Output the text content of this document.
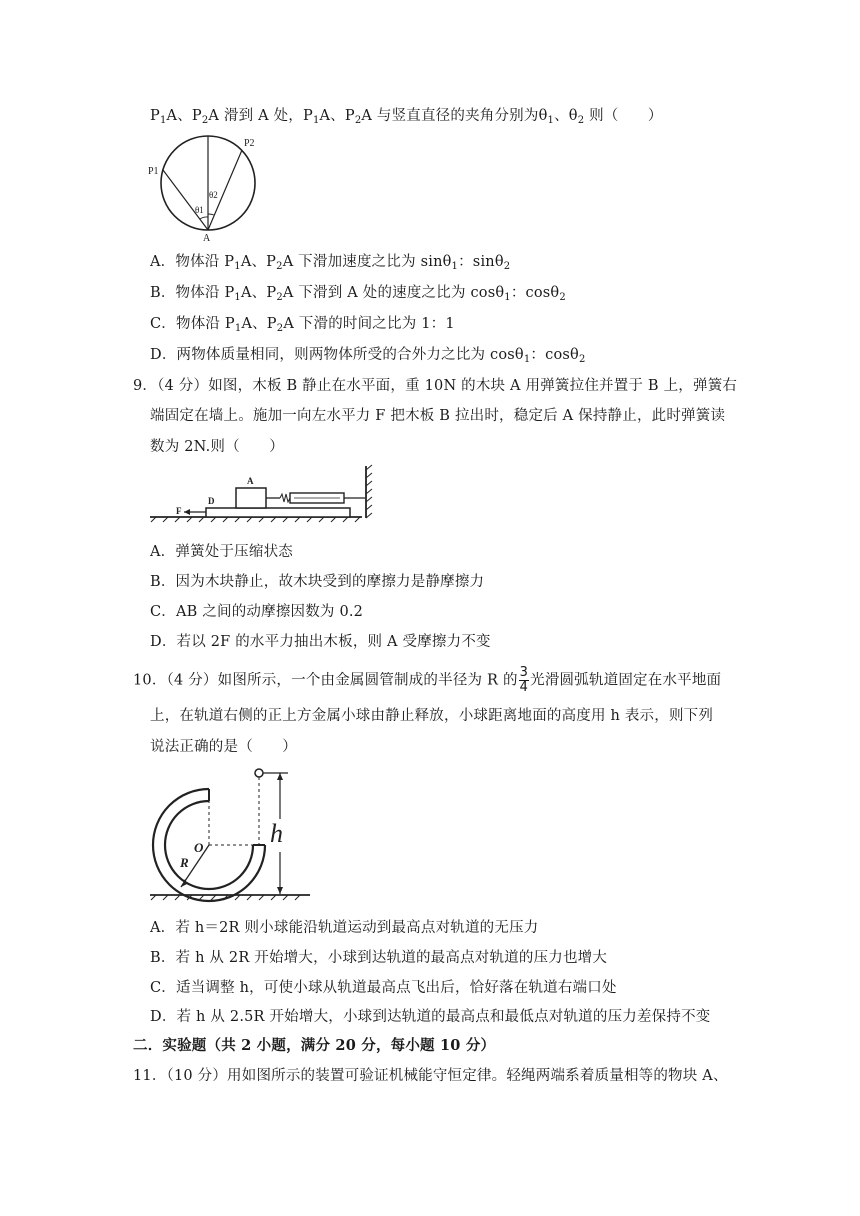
$P_1A$、$P_2A$ 滑到 A 处，$P_1A$、$P_2A$ 与竖直直径的夹角分别为$\theta_1$、$\theta_2$ 则（　　）
P1
P2
A
θ1
θ2
A．物体沿 $P_1A$、$P_2A$ 下滑加速度之比为 sinθ$_1$：sinθ$_2$
B．物体沿 $P_1A$、$P_2A$ 下滑到 A 处的速度之比为 cosθ$_1$：cosθ$_2$
C．物体沿 $P_1A$、$P_2A$ 下滑的时间之比为 1：1
D．两物体质量相同，则两物体所受的合外力之比为 cosθ$_1$：cosθ$_2$
9．（4 分）如图，木板 B 静止在水平面，重 10N 的木块 A 用弹簧拉住并置于 B 上，弹簧右
端固定在墙上。施加一向左水平力 F 把木板 B 拉出时，稳定后 A 保持静止，此时弹簧读
数为 2N.则（　　）
F
D
A
A．弹簧处于压缩状态
B．因为木块静止，故木块受到的摩擦力是静摩擦力
C．AB 之间的动摩擦因数为 0.2
D．若以 2F 的水平力抽出木板，则 A 受摩擦力不变
10．（4 分）如图所示，一个由金属圆管制成的半径为 R 的 $\frac{3}{4}$ 光滑圆弧轨道固定在水平地面
上，在轨道右侧的正上方金属小球由静止释放，小球距离地面的高度用 h 表示，则下列
说法正确的是（　　）
O
R
h
A．若 h＝2R 则小球能沿轨道运动到最高点对轨道的无压力
B．若 h 从 2R 开始增大，小球到达轨道的最高点对轨道的压力也增大
C．适当调整 h，可使小球从轨道最高点飞出后，恰好落在轨道右端口处
D．若 h 从 2.5R 开始增大，小球到达轨道的最高点和最低点对轨道的压力差保持不变
二．实验题（共 2 小题，满分 20 分，每小题 10 分）
11．（10 分）用如图所示的装置可验证机械能守恒定律。轻绳两端系着质量相等的物块 A、
